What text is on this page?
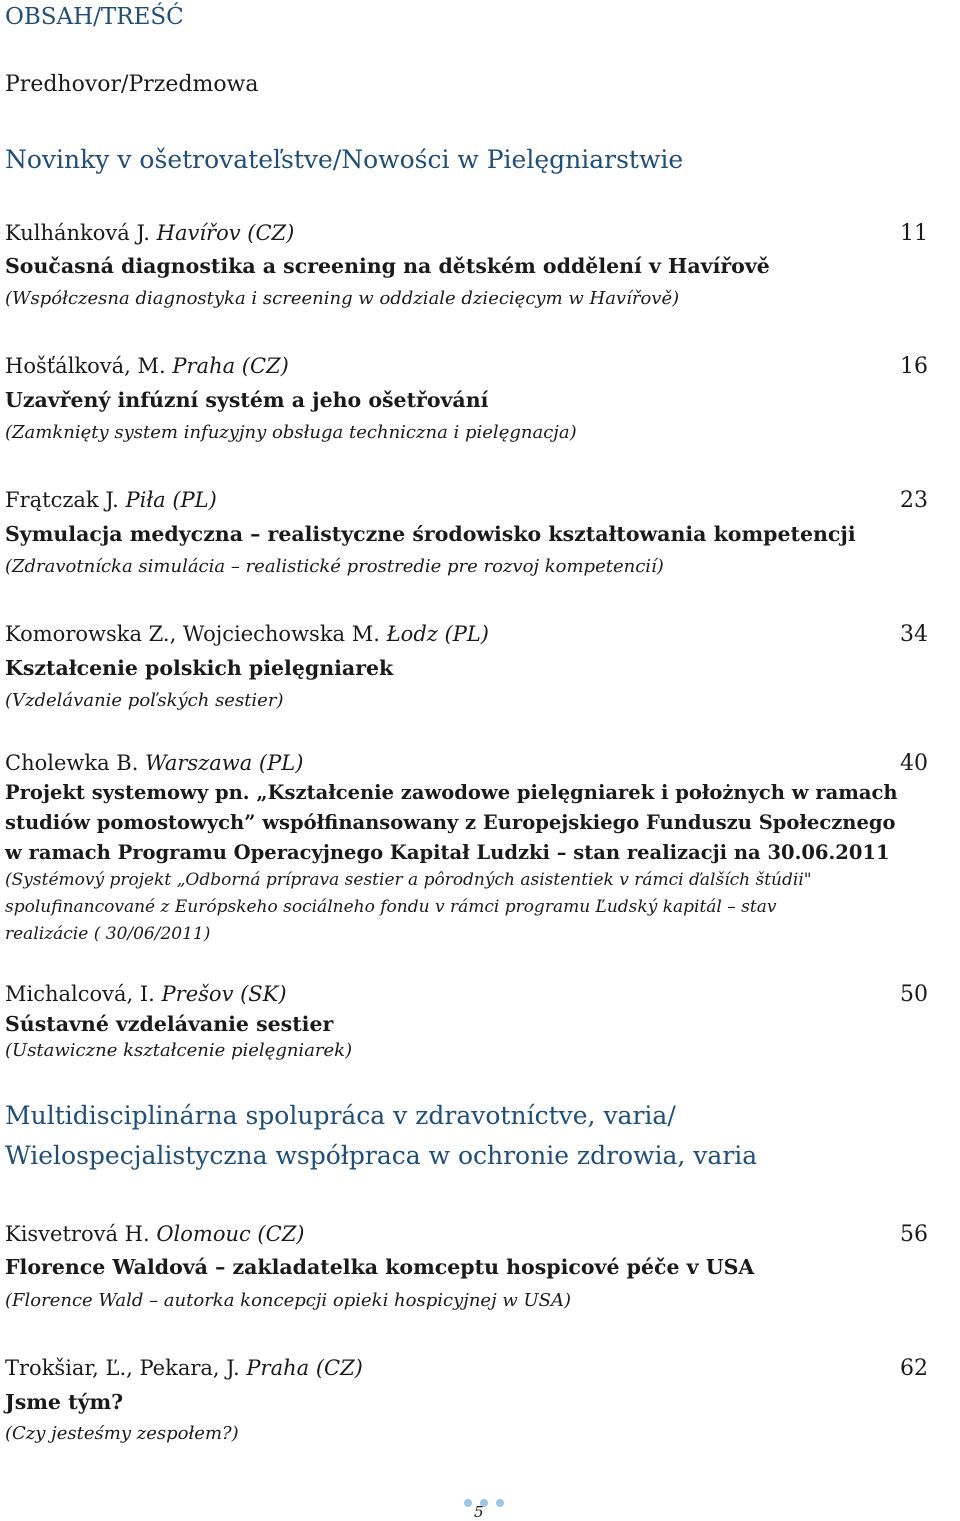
OBSAH/TREŚĆ
Predhovor/Przedmowa
Novinky v ošetrovateľstve/Nowości w Pielęgniarstwie
Kulhánková J. Havířov (CZ)	11
Současná diagnostika a screening na dětském oddělení v Havířově
(Współczesna diagnostyka i screening w oddziale dziecięcym w Havířově)
Hošťálková, M. Praha (CZ)	16
Uzavřený infúzní systém a jeho ošetřování
(Zamknięty system infuzyjny obsługa techniczna i pielęgnacja)
Frątczak J. Piła (PL)	23
Symulacja medyczna – realistyczne środowisko kształtowania kompetencji
(Zdravotnícka simulácia – realistické prostredie pre rozvoj kompetencií)
Komorowska Z., Wojciechowska M. Łodz (PL)	34
Kształcenie polskich pielęgniarek
(Vzdelávanie poľských sestier)
Cholewka B. Warszawa (PL)	40
Projekt systemowy pn. „Kształcenie zawodowe pielęgniarek i położnych w ramach
studiów pomostowych” współfinansowany z Europejskiego Funduszu Społecznego
w ramach Programu Operacyjnego Kapitał Ludzki – stan realizacji na 30.06.2011
(Systémový projekt „Odborná príprava sestier a pôrodných asistentiek v rámci ďalších štúdii"
spolufinancované z Európskeho sociálneho fondu v rámci programu Ľudský kapitál – stav
realizácie ( 30/06/2011)
Michalcová, I. Prešov (SK)	50
Sústavné vzdelávanie sestier
(Ustawiczne kształcenie pielęgniarek)
Multidisciplinárna spolupráca v zdravotníctve, varia/
Wielospecjalistyczna współpraca w ochronie zdrowia, varia
Kisvetrová H. Olomouc (CZ)	56
Florence Waldová – zakladatelka komceptu hospicové péče v USA
(Florence Wald – autorka koncepcji opieki hospicyjnej w USA)
Trokšiar, Ľ., Pekara, J. Praha (CZ)	62
Jsme tým?
(Czy jesteśmy zespołem?)
5
